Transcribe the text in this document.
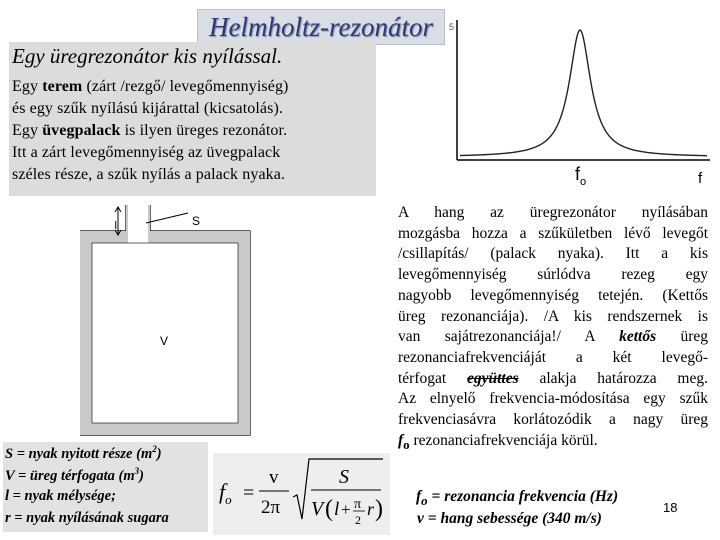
Helmholtz-rezonátor	5
Egy üregrezonátor kis nyílással.
Egy terem (zárt /rezgő/ levegőmennyiség)
és egy szűk nyílású kijárattal (kicsatolás).
Egy üvegpalack is ilyen üreges rezonátor.
Itt a zárt levegőmennyiség az üvegpalack
széles része, a szűk nyílás a palack nyaka.	$f_o$	f
A hang az üregrezonátor nyílásában
mozgásba hozza a szűkületben lévő levegőt
/csillapítás/ (palack nyaka). Itt a kis
levegőmennyiség súrlódva rezeg egy
nagyobb levegőmennyiség tetején. (Kettős
üreg rezonanciája). /A kis rendszernek is
van sajátrezonanciája!/ A kettős üreg
rezonanciafrekvenciáját a két levegő-
térfogat együttes alakja határozza meg.
Az elnyelő frekvencia-módosítása egy szűk
frekvenciasávra korlátozódik a nagy üreg
$f_o$ rezonanciafrekvenciája körül.
l	S
V
S = nyak nyitott része $(m^2)$
V = üreg térfogata $(m^3)$
l = nyak mélysége;
r = nyak nyílásának sugara
$f_o$ =
v
2π
S
V ( l + π
2
r ) $f_o$ = rezonancia frekvencia (Hz)
v = hang sebessége (340 m/s)
18
